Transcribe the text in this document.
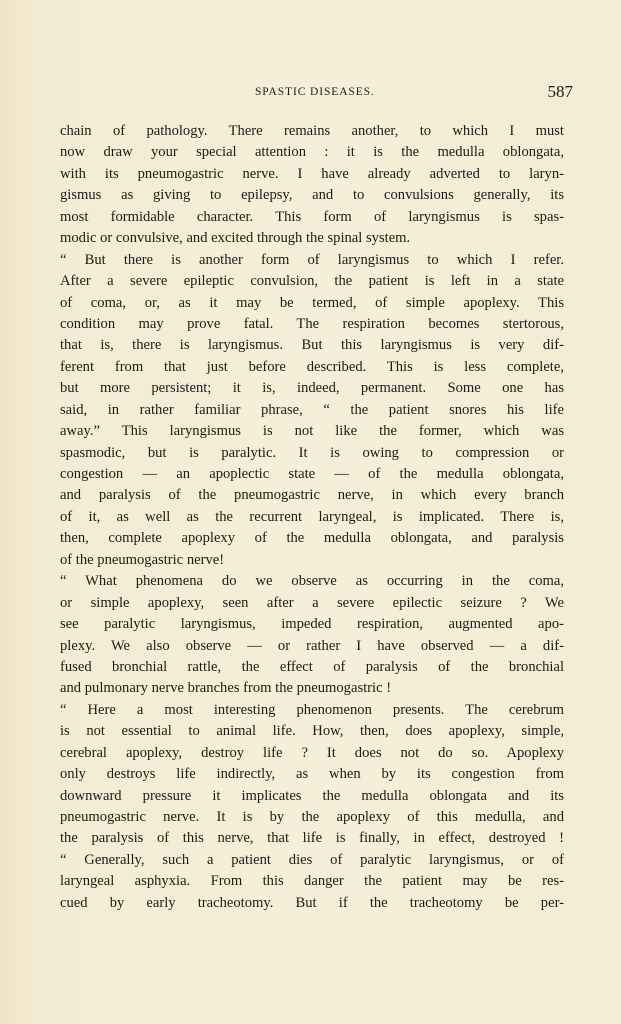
SPASTIC DISEASES.	587
chain of pathology. There remains another, to which I must
now draw your special attention : it is the medulla oblongata,
with its pneumogastric nerve. I have already adverted to laryn-
gismus as giving to epilepsy, and to convulsions generally, its
most formidable character. This form of laryngismus is spas-
modic or convulsive, and excited through the spinal system.
“ But there is another form of laryngismus to which I refer.
After a severe epileptic convulsion, the patient is left in a state
of coma, or, as it may be termed, of simple apoplexy. This
condition may prove fatal. The respiration becomes stertorous,
that is, there is laryngismus. But this laryngismus is very dif-
ferent from that just before described. This is less complete,
but more persistent; it is, indeed, permanent. Some one has
said, in rather familiar phrase, “ the patient snores his life
away.” This laryngismus is not like the former, which was
spasmodic, but is paralytic. It is owing to compression or
congestion — an apoplectic state — of the medulla oblongata,
and paralysis of the pneumogastric nerve, in which every branch
of it, as well as the recurrent laryngeal, is implicated. There is,
then, complete apoplexy of the medulla oblongata, and paralysis
of the pneumogastric nerve!
“ What phenomena do we observe as occurring in the coma,
or simple apoplexy, seen after a severe epilectic seizure ? We
see paralytic laryngismus, impeded respiration, augmented apo-
plexy. We also observe — or rather I have observed — a dif-
fused bronchial rattle, the effect of paralysis of the bronchial
and pulmonary nerve branches from the pneumogastric !
“ Here a most interesting phenomenon presents. The cerebrum
is not essential to animal life. How, then, does apoplexy, simple,
cerebral apoplexy, destroy life ? It does not do so. Apoplexy
only destroys life indirectly, as when by its congestion from
downward pressure it implicates the medulla oblongata and its
pneumogastric nerve. It is by the apoplexy of this medulla, and
the paralysis of this nerve, that life is finally, in effect, destroyed !
“ Generally, such a patient dies of paralytic laryngismus, or of
laryngeal asphyxia. From this danger the patient may be res-
cued by early tracheotomy. But if the tracheotomy be per-
